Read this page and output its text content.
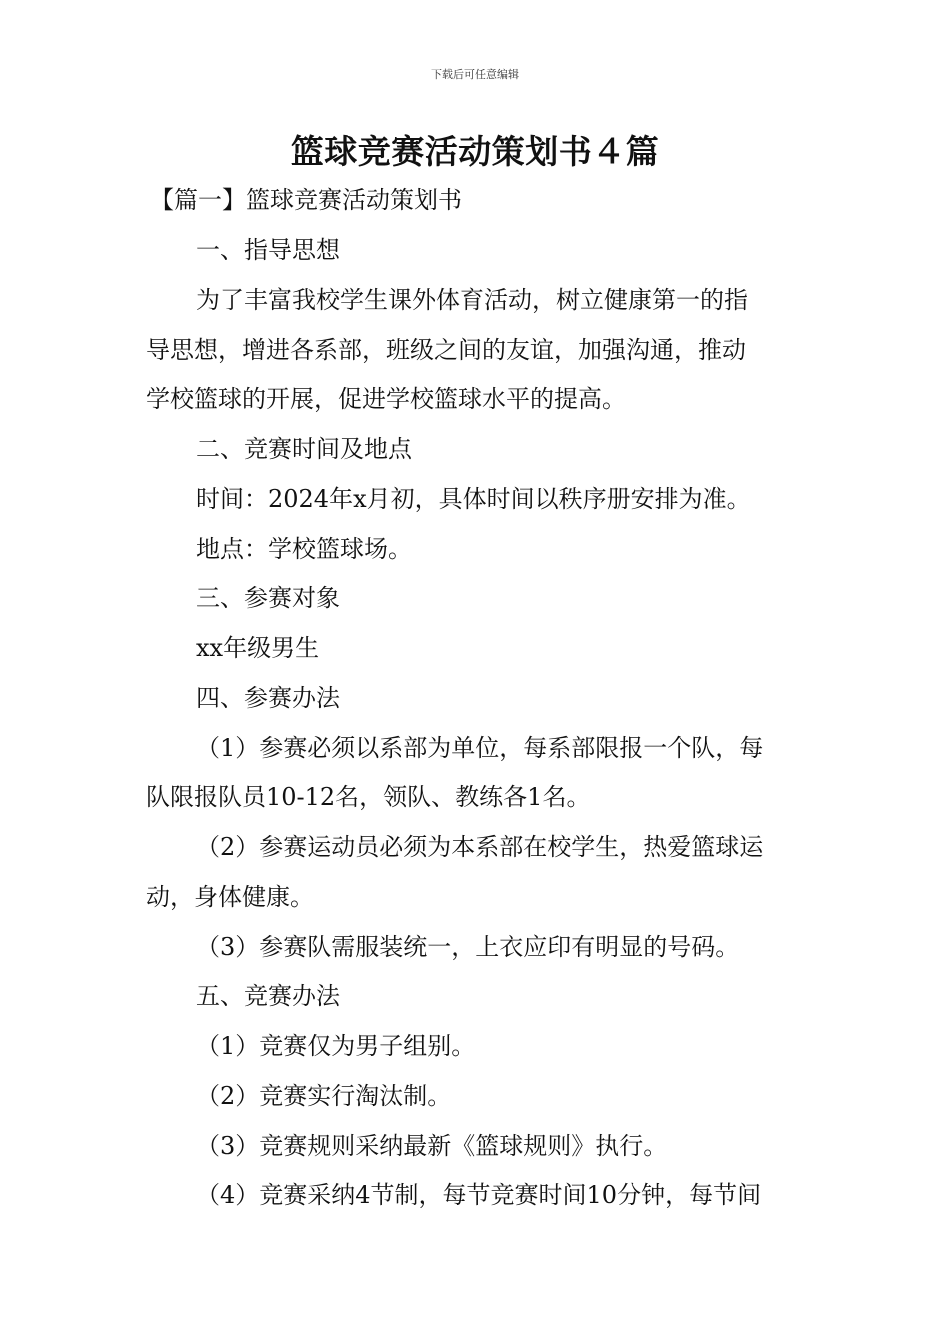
下载后可任意编辑
篮球竞赛活动策划书４篇
【篇一】篮球竞赛活动策划书
一、指导思想
为了丰富我校学生课外体育活动，树立健康第一的指
导思想，增进各系部，班级之间的友谊，加强沟通，推动
学校篮球的开展，促进学校篮球水平的提高。
二、竞赛时间及地点
时间：2024年x月初，具体时间以秩序册安排为准。
地点：学校篮球场。
三、参赛对象
xx年级男生
四、参赛办法
（1）参赛必须以系部为单位，每系部限报一个队，每
队限报队员10-12名，领队、教练各1名。
（2）参赛运动员必须为本系部在校学生，热爱篮球运
动，身体健康。
（3）参赛队需服装统一，上衣应印有明显的号码。
五、竞赛办法
（1）竞赛仅为男子组别。
（2）竞赛实行淘汰制。
（3）竞赛规则采纳最新《篮球规则》执行。
（4）竞赛采纳4节制，每节竞赛时间10分钟，每节间
